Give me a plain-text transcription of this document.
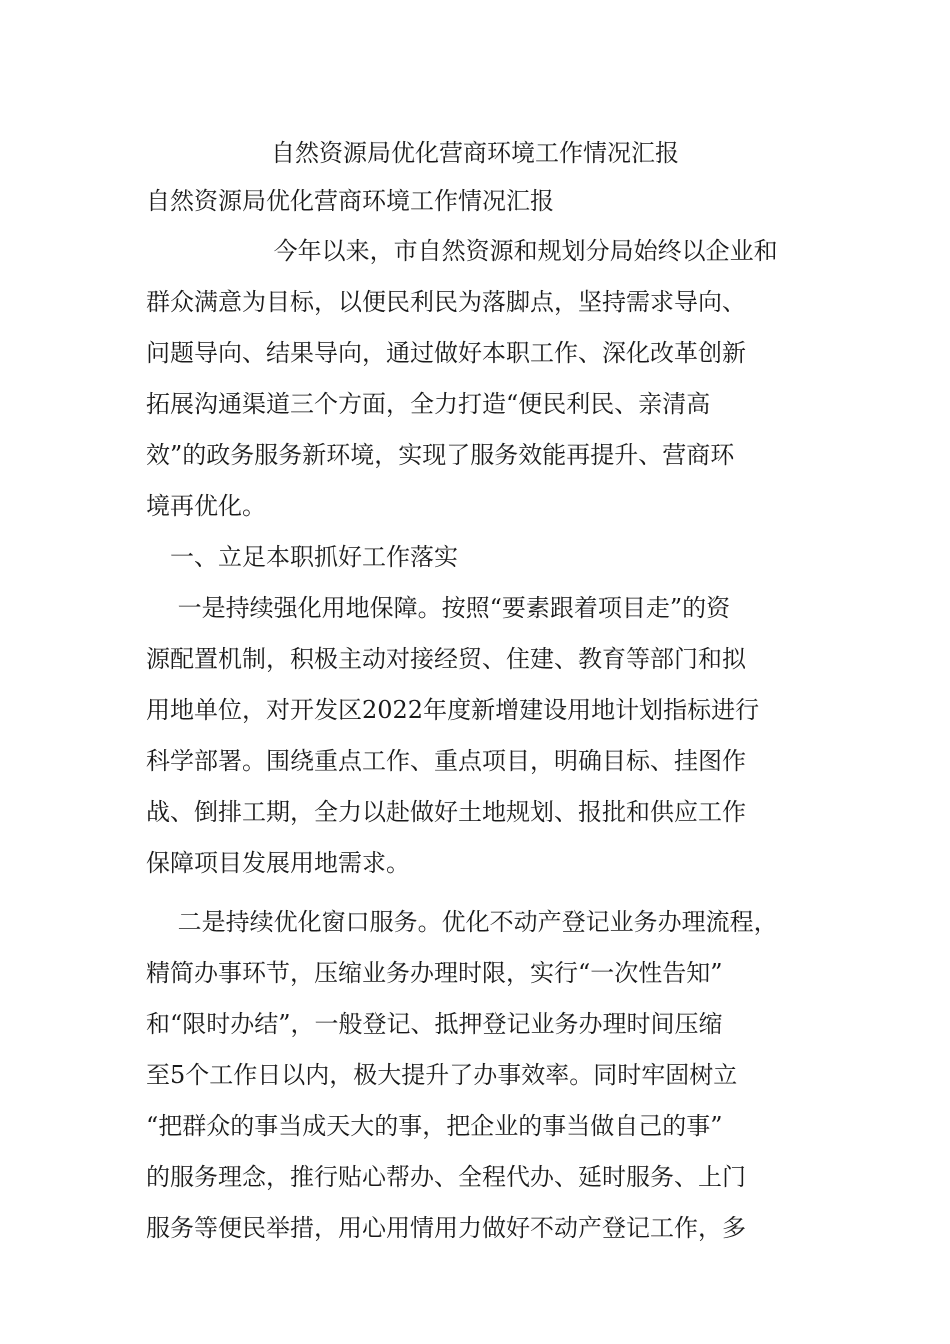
自然资源局优化营商环境工作情况汇报
自然资源局优化营商环境工作情况汇报
　　　　　 今年以来，市自然资源和规划分局始终以企业和
群众满意为目标，以便民利民为落脚点，坚持需求导向、
问题导向、结果导向，通过做好本职工作、深化改革创新
拓展沟通渠道三个方面，全力打造“便民利民、亲清高
效”的政务服务新环境，实现了服务效能再提升、营商环
境再优化。
　一、立足本职抓好工作落实
　 一是持续强化用地保障。按照“要素跟着项目走”的资
源配置机制，积极主动对接经贸、住建、教育等部门和拟
用地单位，对开发区2022年度新增建设用地计划指标进行
科学部署。围绕重点工作、重点项目，明确目标、挂图作
战、倒排工期，全力以赴做好土地规划、报批和供应工作
保障项目发展用地需求。
　 二是持续优化窗口服务。优化不动产登记业务办理流程，
精简办事环节，压缩业务办理时限，实行“一次性告知”
和“限时办结”，一般登记、抵押登记业务办理时间压缩
至5个工作日以内，极大提升了办事效率。同时牢固树立
“把群众的事当成天大的事，把企业的事当做自己的事”
的服务理念，推行贴心帮办、全程代办、延时服务、上门
服务等便民举措，用心用情用力做好不动产登记工作，多
